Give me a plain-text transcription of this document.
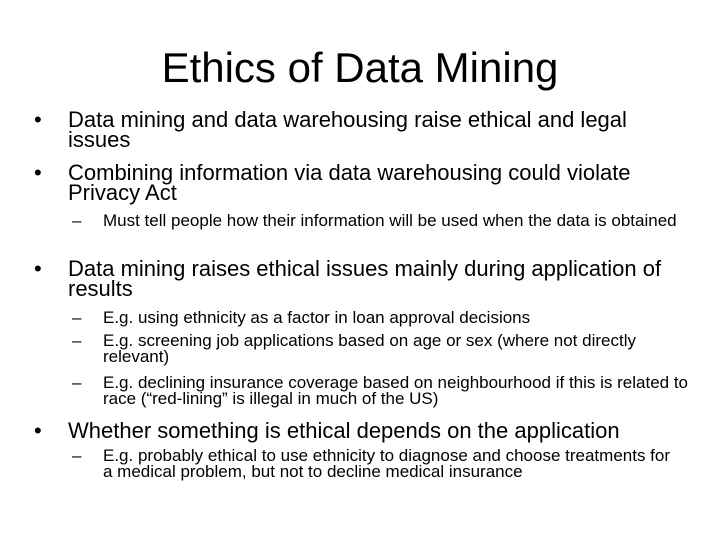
Ethics of Data Mining
•	Data mining and data warehousing raise ethical and legal issues
•	Combining information via data warehousing could violate Privacy Act
–	Must tell people how their information will be used when the data is obtained
•	Data mining raises ethical issues mainly during application of results
–	E.g. using ethnicity as a factor in loan approval decisions
–	E.g. screening job applications based on age or sex (where not directly relevant)
–	E.g. declining insurance coverage based on neighbourhood if this is related to race (“red-lining” is illegal in much of the US)
•	Whether something is ethical depends on the application
–	E.g. probably ethical to use ethnicity to diagnose and choose treatments for a medical problem, but not to decline medical insurance
